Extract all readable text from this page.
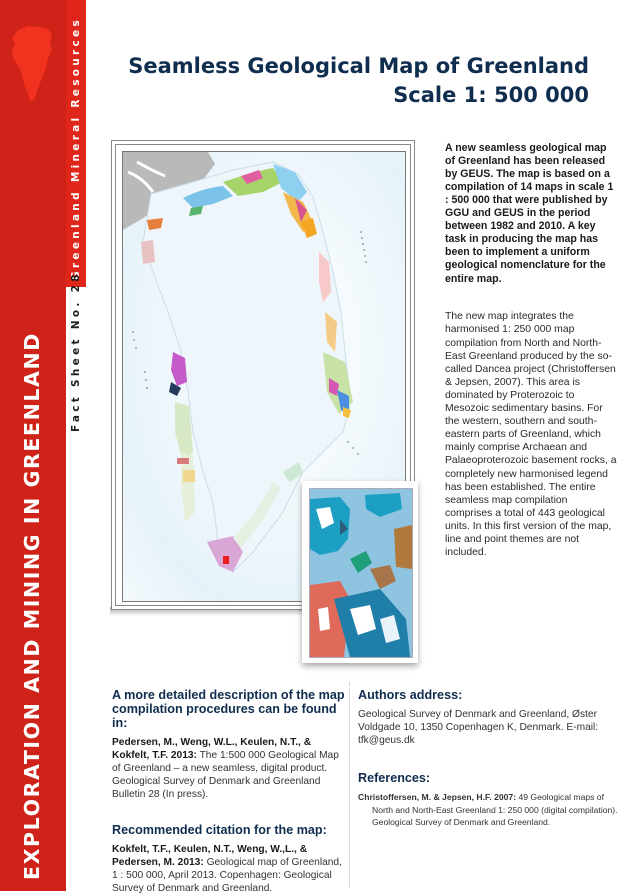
EXPLORATION AND MINING IN GREENLAND
Greenland Mineral Resources
Fact Sheet No. 28
Seamless Geological Map of Greenland
Scale 1: 500 000

A new seamless geological map of Greenland has been released by GEUS. The map is based on a compilation of 14 maps in scale 1 : 500 000 that were published by GGU and GEUS in the period between 1982 and 2010. A key task in producing the map has been to implement a uniform geological nomenclature for the entire map.

The new map integrates the harmonised 1: 250 000 map compilation from North and North-East Greenland produced by the so-called Dancea project (Christoffersen & Jepsen, 2007). This area is dominated by Proterozoic to Mesozoic sedimentary basins. For the western, southern and south-eastern parts of Greenland, which mainly comprise Archaean and Palaeoproterozoic basement rocks, a completely new harmonised legend has been established. The entire seamless map compilation comprises a total of 443 geological units. In this first version of the map, line and point themes are not included.

A more detailed description of the map compilation procedures can be found in:

Pedersen, M., Weng, W.L., Keulen, N.T., & Kokfelt, T.F. 2013: The 1:500 000 Geological Map of Greenland – a new seamless, digital product. Geological Survey of Denmark and Greenland Bulletin 28 (In press).

Recommended citation for the map:

Kokfelt, T.F., Keulen, N.T., Weng, W.,L., & Pedersen, M. 2013: Geological map of Greenland, 1 : 500 000, April 2013. Copenhagen: Geological Survey of Denmark and Greenland.

Authors address:

Geological Survey of Denmark and Greenland, Øster Voldgade 10, 1350 Copenhagen K, Denmark. E-mail: tfk@geus.dk

References:

Christoffersen, M. & Jepsen, H.F. 2007: 49 Geological maps of North and North-East Greenland 1: 250 000 (digital compilation). Geological Survey of Denmark and Greenland.
